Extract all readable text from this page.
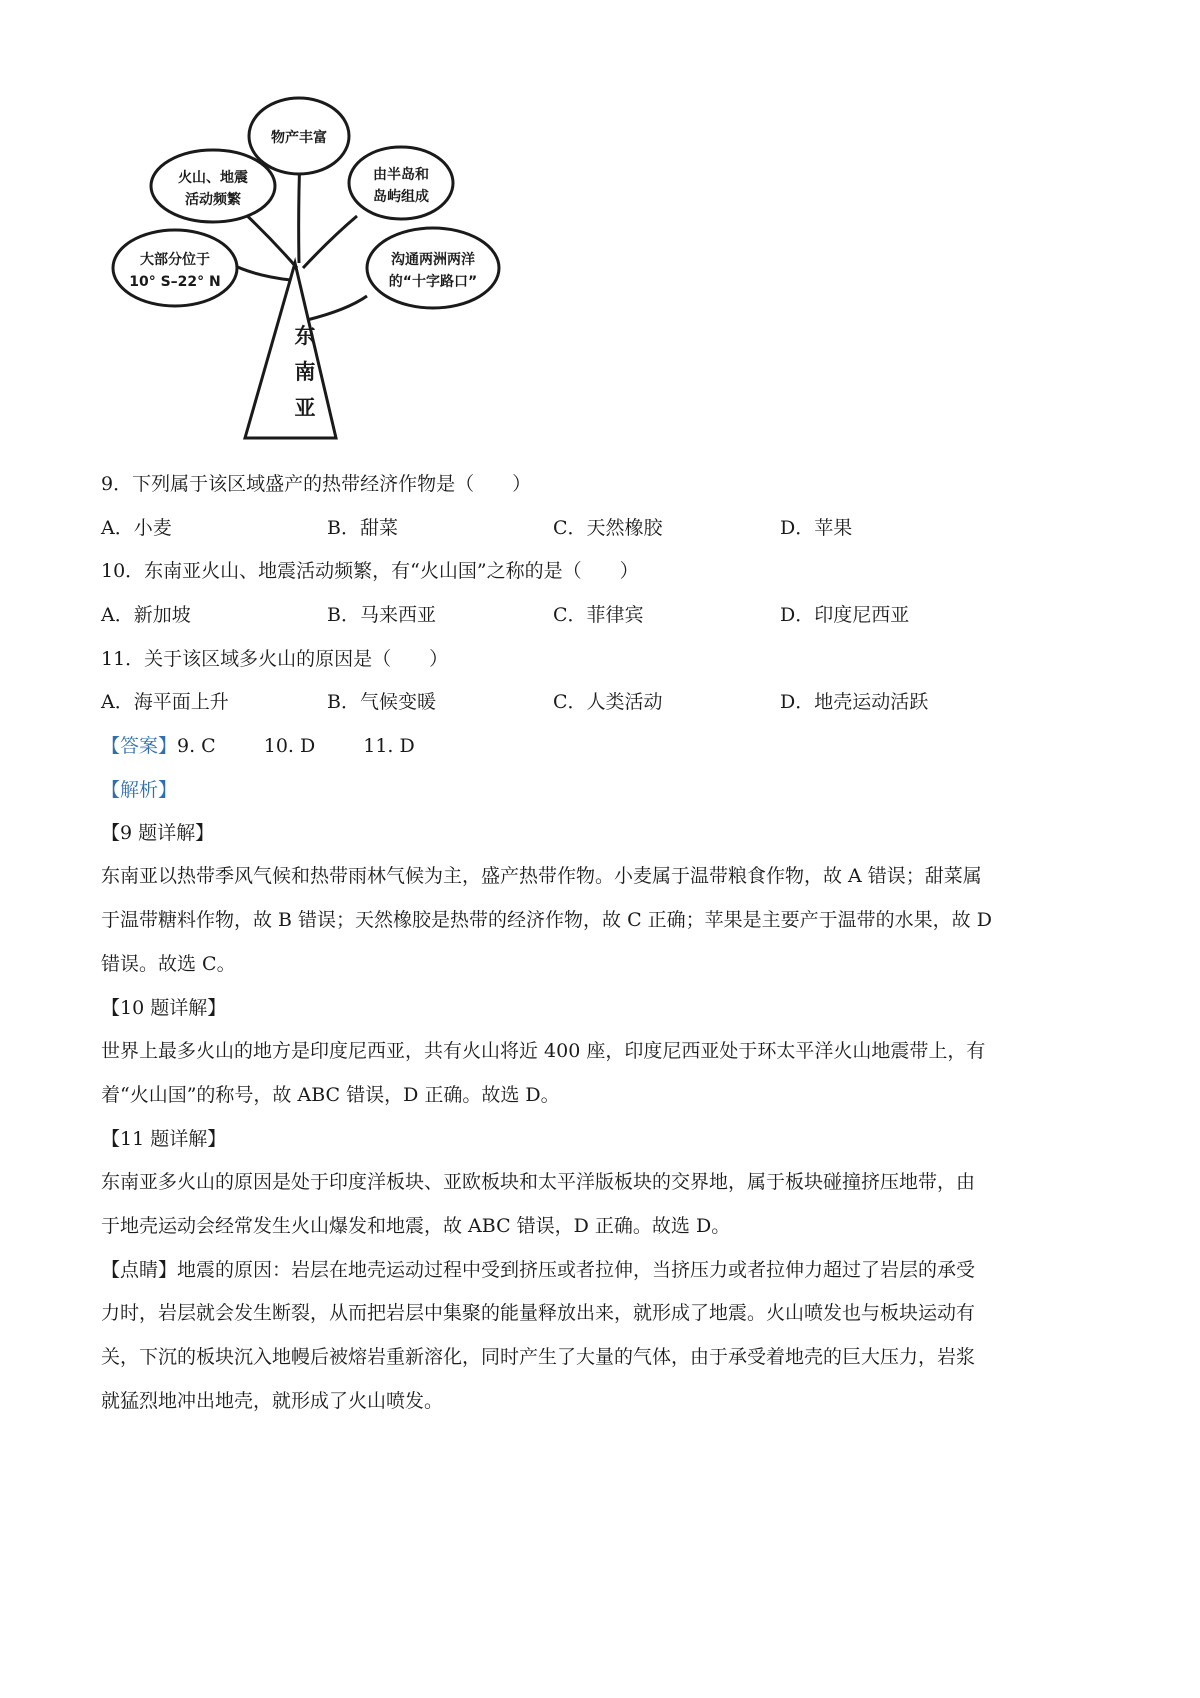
大部分位于
10° S–22° N
火山、地震
活动频繁
物产丰富
由半岛和
岛屿组成
沟通两洲两洋
的“十字路口”
东
南
亚
9．下列属于该区域盛产的热带经济作物是（　　）
A．小麦	B．甜菜	C．天然橡胶	D．苹果
10．东南亚火山、地震活动频繁，有“火山国”之称的是（　　）
A．新加坡	B．马来西亚	C．菲律宾	D．印度尼西亚
11．关于该区域多火山的原因是（　　）
A．海平面上升	B．气候变暖	C．人类活动	D．地壳运动活跃
【答案】9. C	10. D	11. D
【解析】
【9 题详解】
东南亚以热带季风气候和热带雨林气候为主，盛产热带作物。小麦属于温带粮食作物，故 A 错误；甜菜属
于温带糖料作物，故 B 错误；天然橡胶是热带的经济作物，故 C 正确；苹果是主要产于温带的水果，故 D
错误。故选 C。
【10 题详解】
世界上最多火山的地方是印度尼西亚，共有火山将近 400 座，印度尼西亚处于环太平洋火山地震带上，有
着“火山国”的称号，故 ABC 错误，D 正确。故选 D。
【11 题详解】
东南亚多火山的原因是处于印度洋板块、亚欧板块和太平洋版板块的交界地，属于板块碰撞挤压地带，由
于地壳运动会经常发生火山爆发和地震，故 ABC 错误，D 正确。故选 D。
【点睛】地震的原因：岩层在地壳运动过程中受到挤压或者拉伸，当挤压力或者拉伸力超过了岩层的承受
力时，岩层就会发生断裂，从而把岩层中集聚的能量释放出来，就形成了地震。火山喷发也与板块运动有
关，下沉的板块沉入地幔后被熔岩重新溶化，同时产生了大量的气体，由于承受着地壳的巨大压力，岩浆
就猛烈地冲出地壳，就形成了火山喷发。
